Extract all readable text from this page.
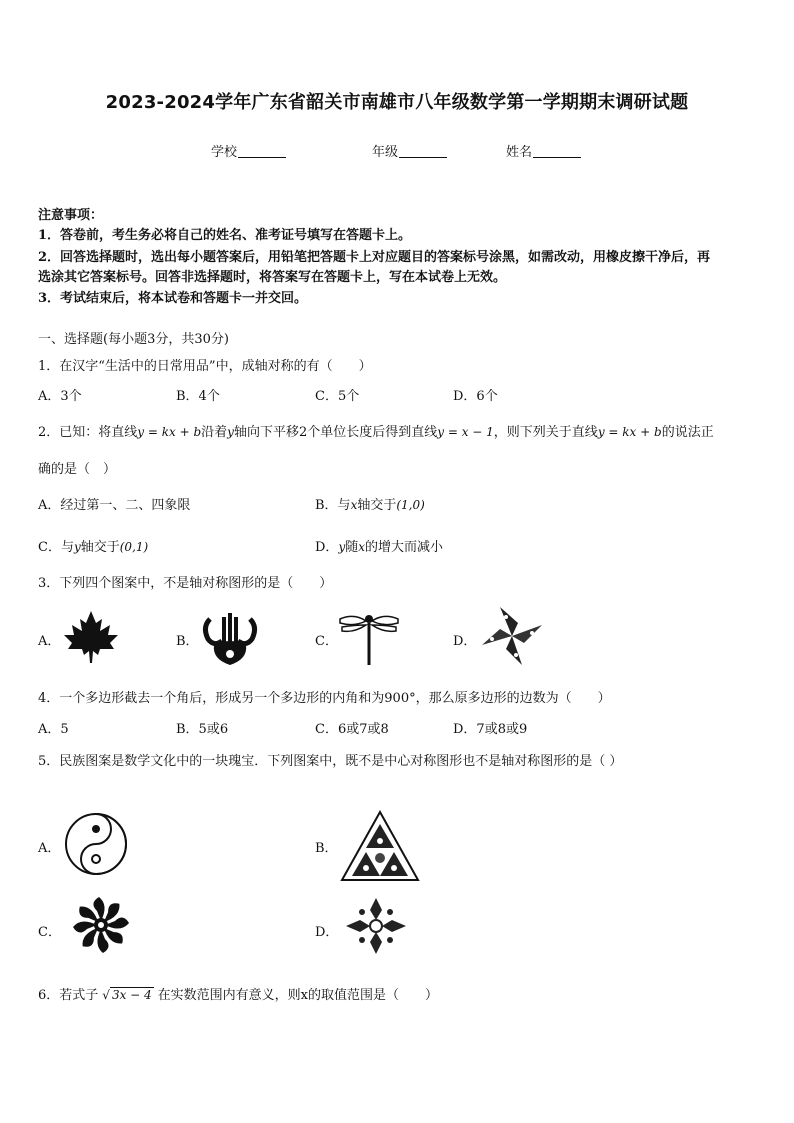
2023-2024学年广东省韶关市南雄市八年级数学第一学期期末调研试题
学校	年级	姓名
注意事项：
1．答卷前，考生务必将自己的姓名、准考证号填写在答题卡上。
2．回答选择题时，选出每小题答案后，用铅笔把答题卡上对应题目的答案标号涂黑，如需改动，用橡皮擦干净后，再
选涂其它答案标号。回答非选择题时，将答案写在答题卡上，写在本试卷上无效。
3．考试结束后，将本试卷和答题卡一并交回。
一、选择题(每小题3分，共30分)
1．在汉字“生活中的日常用品”中，成轴对称的有（　　）
A．3个	B．4个	C．5个	D．6个
2．已知：将直线y = kx + b沿着y轴向下平移2个单位长度后得到直线y = x − 1，则下列关于直线y = kx + b的说法正
确的是（　）
A．经过第一、二、四象限	B．与x轴交于(1,0)
C．与y轴交于(0,1)	D．y随x的增大而减小
3．下列四个图案中，不是轴对称图形的是（　　）
A．	B．	C．	D．
4．一个多边形截去一个角后，形成另一个多边形的内角和为900°，那么原多边形的边数为（　　）
A．5	B．5或6	C．6或7或8	D．7或8或9
5．民族图案是数学文化中的一块瑰宝．下列图案中，既不是中心对称图形也不是轴对称图形的是（ ）
A．	B．
C．	D．
6．若式子 √ 3x − 4 在实数范围内有意义，则x的取值范围是（　　）
